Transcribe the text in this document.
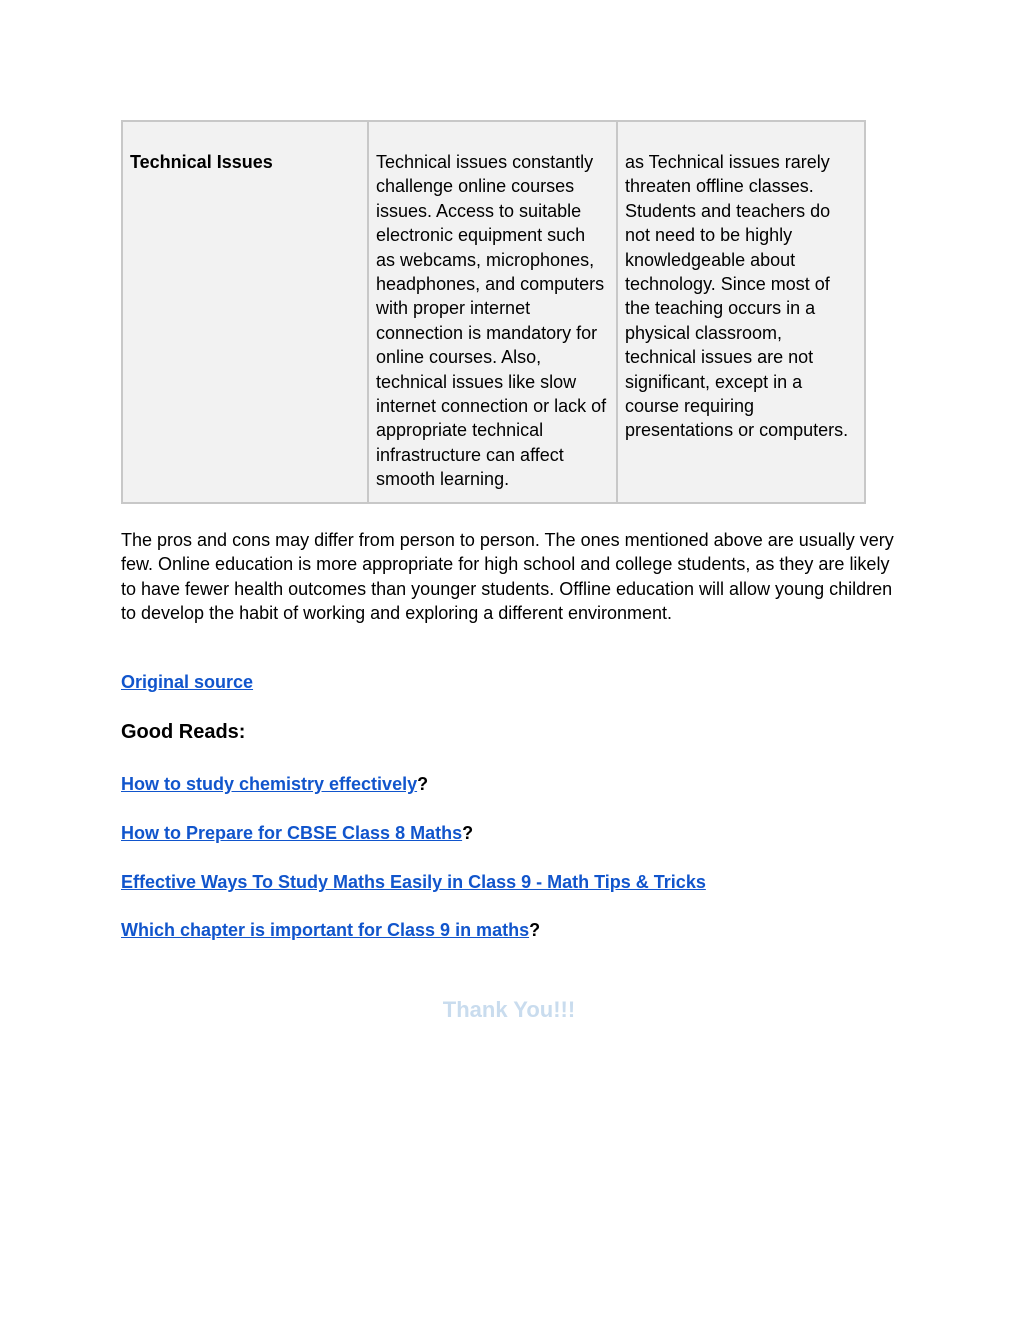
Technical Issues	Technical issues constantly challenge online courses issues. Access to suitable electronic equipment such as webcams, microphones, headphones, and computers with proper internet connection is mandatory for online courses. Also, technical issues like slow internet connection or lack of appropriate technical infrastructure can affect smooth learning.	as Technical issues rarely threaten offline classes. Students and teachers do not need to be highly knowledgeable about technology. Since most of the teaching occurs in a physical classroom, technical issues are not significant, except in a course requiring presentations or computers.

The pros and cons may differ from person to person. The ones mentioned above are usually very few. Online education is more appropriate for high school and college students, as they are likely to have fewer health outcomes than younger students. Offline education will allow young children to develop the habit of working and exploring a different environment.

Original source

Good Reads:

How to study chemistry effectively?

How to Prepare for CBSE Class 8 Maths?

Effective Ways To Study Maths Easily in Class 9 - Math Tips & Tricks

Which chapter is important for Class 9 in maths?

Thank You!!!
